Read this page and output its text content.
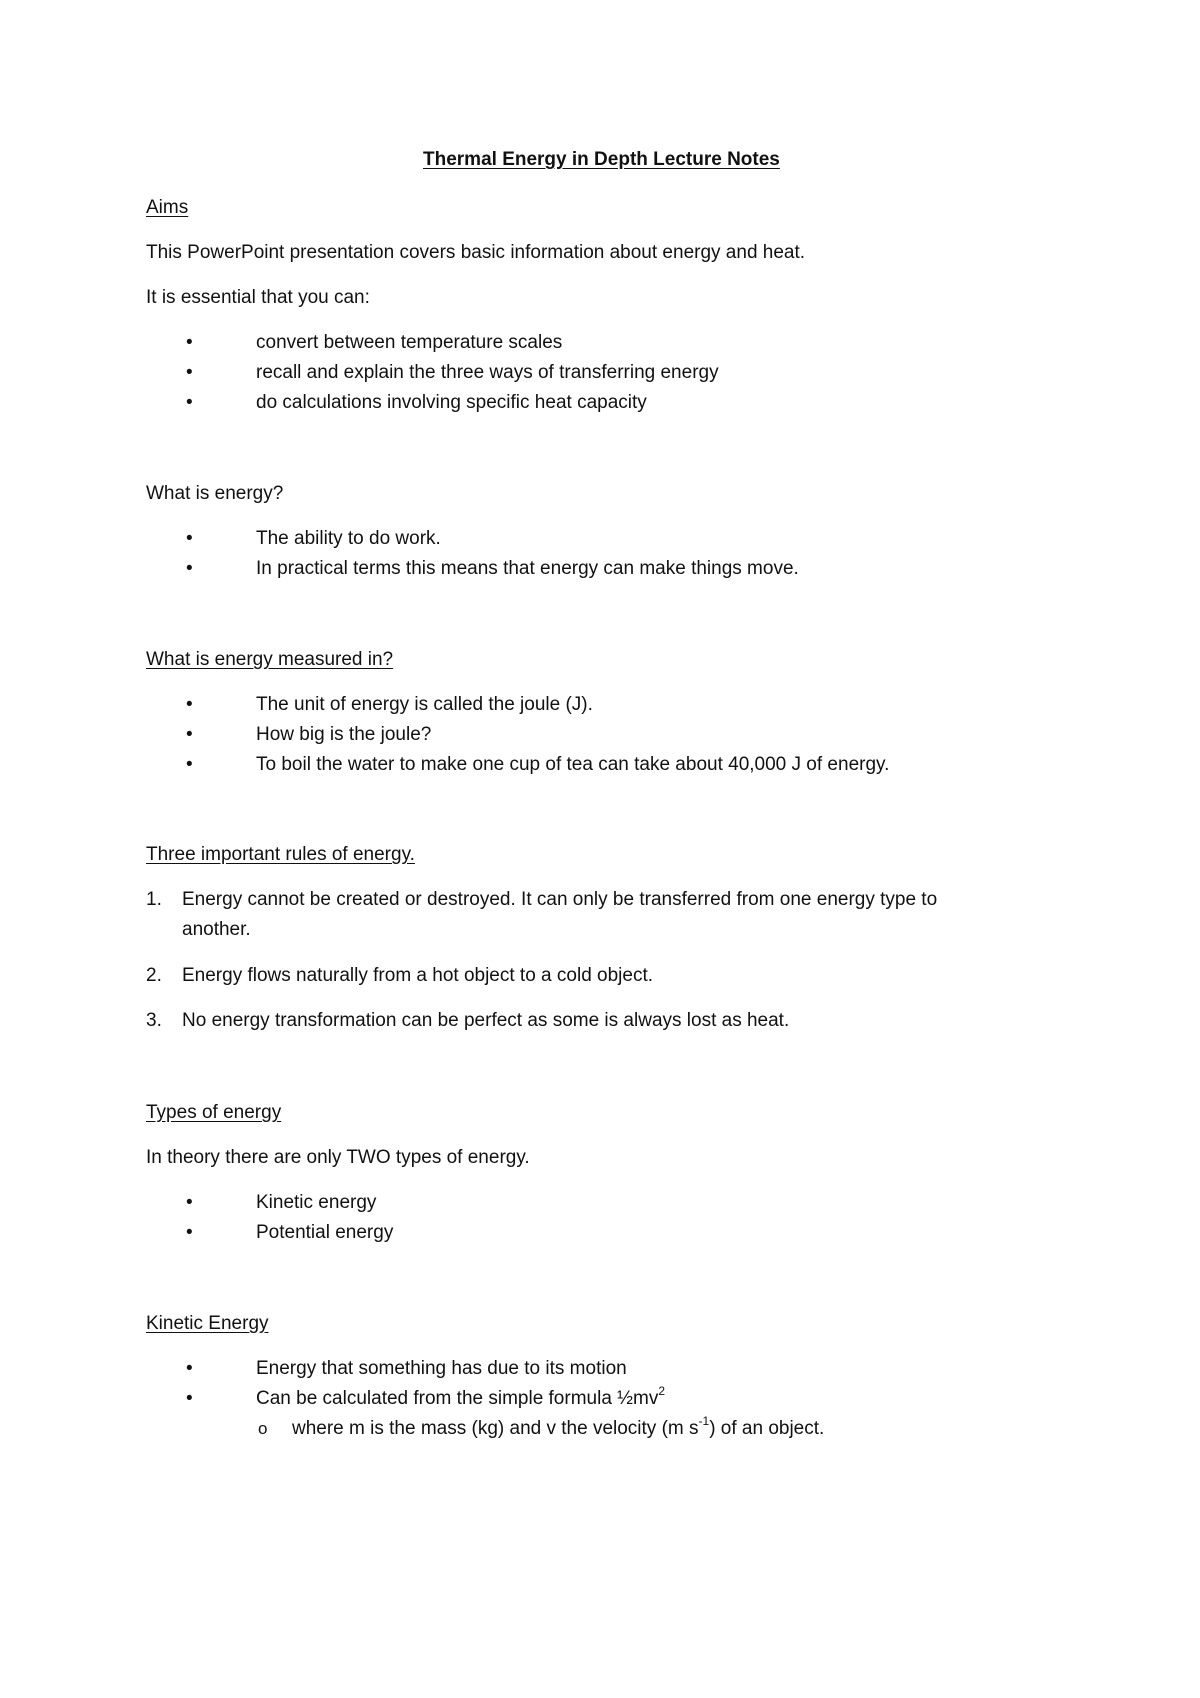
Thermal Energy in Depth Lecture Notes
Aims
This PowerPoint presentation covers basic information about energy and heat.
It is essential that you can:
•	convert between temperature scales
•	recall and explain the three ways of transferring energy
•	do calculations involving specific heat capacity
What is energy?
•	The ability to do work.
•	In practical terms this means that energy can make things move.
What is energy measured in?
•	The unit of energy is called the joule (J).
•	How big is the joule?
•	To boil the water to make one cup of tea can take about 40,000 J of energy.
Three important rules of energy.
1. Energy cannot be created or destroyed. It can only be transferred from one energy type to
another.
2. Energy flows naturally from a hot object to a cold object.
3. No energy transformation can be perfect as some is always lost as heat.
Types of energy
In theory there are only TWO types of energy.
•	Kinetic energy
•	Potential energy
Kinetic Energy
•	Energy that something has due to its motion
•	Can be calculated from the simple formula $\frac{1}{2}mv^2$
o where m is the mass (kg) and v the velocity (m $s^{-1}$) of an object.
